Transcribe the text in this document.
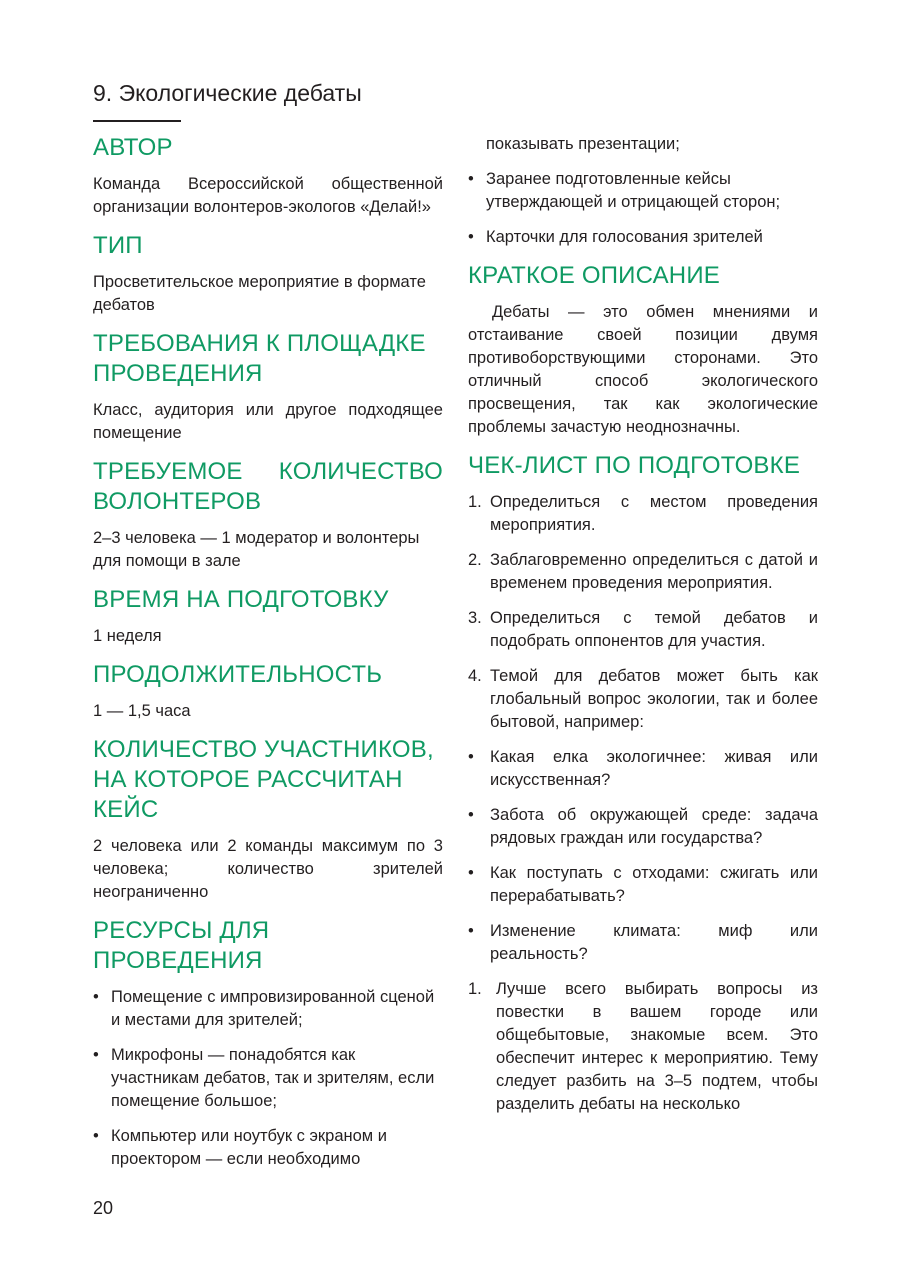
9. Экологические дебаты
АВТОР

Команда Всероссийской общественной организации волонтеров-экологов «Делай!»

ТИП

Просветительское мероприятие в формате дебатов

ТРЕБОВАНИЯ К ПЛОЩАДКЕ ПРОВЕДЕНИЯ

Класс, аудитория или другое подходящее помещение

ТРЕБУЕМОЕ КОЛИЧЕСТВО ВОЛОНТЕРОВ

2–3 человека — 1 модератор и волонтеры для помощи в зале

ВРЕМЯ НА ПОДГОТОВКУ

1 неделя

ПРОДОЛЖИТЕЛЬНОСТЬ

1 — 1,5 часа

КОЛИЧЕСТВО УЧАСТНИКОВ, НА КОТОРОЕ РАССЧИТАН КЕЙС

2 человека или 2 команды максимум по 3 человека; количество зрителей неограниченно

РЕСУРСЫ ДЛЯ ПРОВЕДЕНИЯ
• Помещение с импровизированной сценой и местами для зрителей;
• Микрофоны — понадобятся как участникам дебатов, так и зрителям, если помещение большое;
• Компьютер или ноутбук с экраном и проектором — если необходимо

показывать презентации;

• Заранее подготовленные кейсы утверждающей и отрицающей сторон;
• Карточки для голосования зрителей
КРАТКОЕ ОПИСАНИЕ

Дебаты — это обмен мнениями и отстаивание своей позиции двумя противоборствующими сторонами. Это отличный способ экологического просвещения, так как экологические проблемы зачастую неоднозначны.

ЧЕК-ЛИСТ ПО ПОДГОТОВКЕ
1. Определиться с местом проведения мероприятия.
2. Заблаговременно определиться с датой и временем проведения мероприятия.
3. Определиться с темой дебатов и подобрать оппонентов для участия.
4. Темой для дебатов может быть как глобальный вопрос экологии, так и более бытовой, например:
• Какая елка экологичнее: живая или искусственная?
• Забота об окружающей среде: задача рядовых граждан или государства?
• Как поступать с отходами: сжигать или перерабатывать?
• Изменение климата: миф или реальность?
1. Лучше всего выбирать вопросы из повестки в вашем городе или общебытовые, знакомые всем. Это обеспечит интерес к мероприятию. Тему следует разбить на 3–5 подтем, чтобы разделить дебаты на несколько
20
